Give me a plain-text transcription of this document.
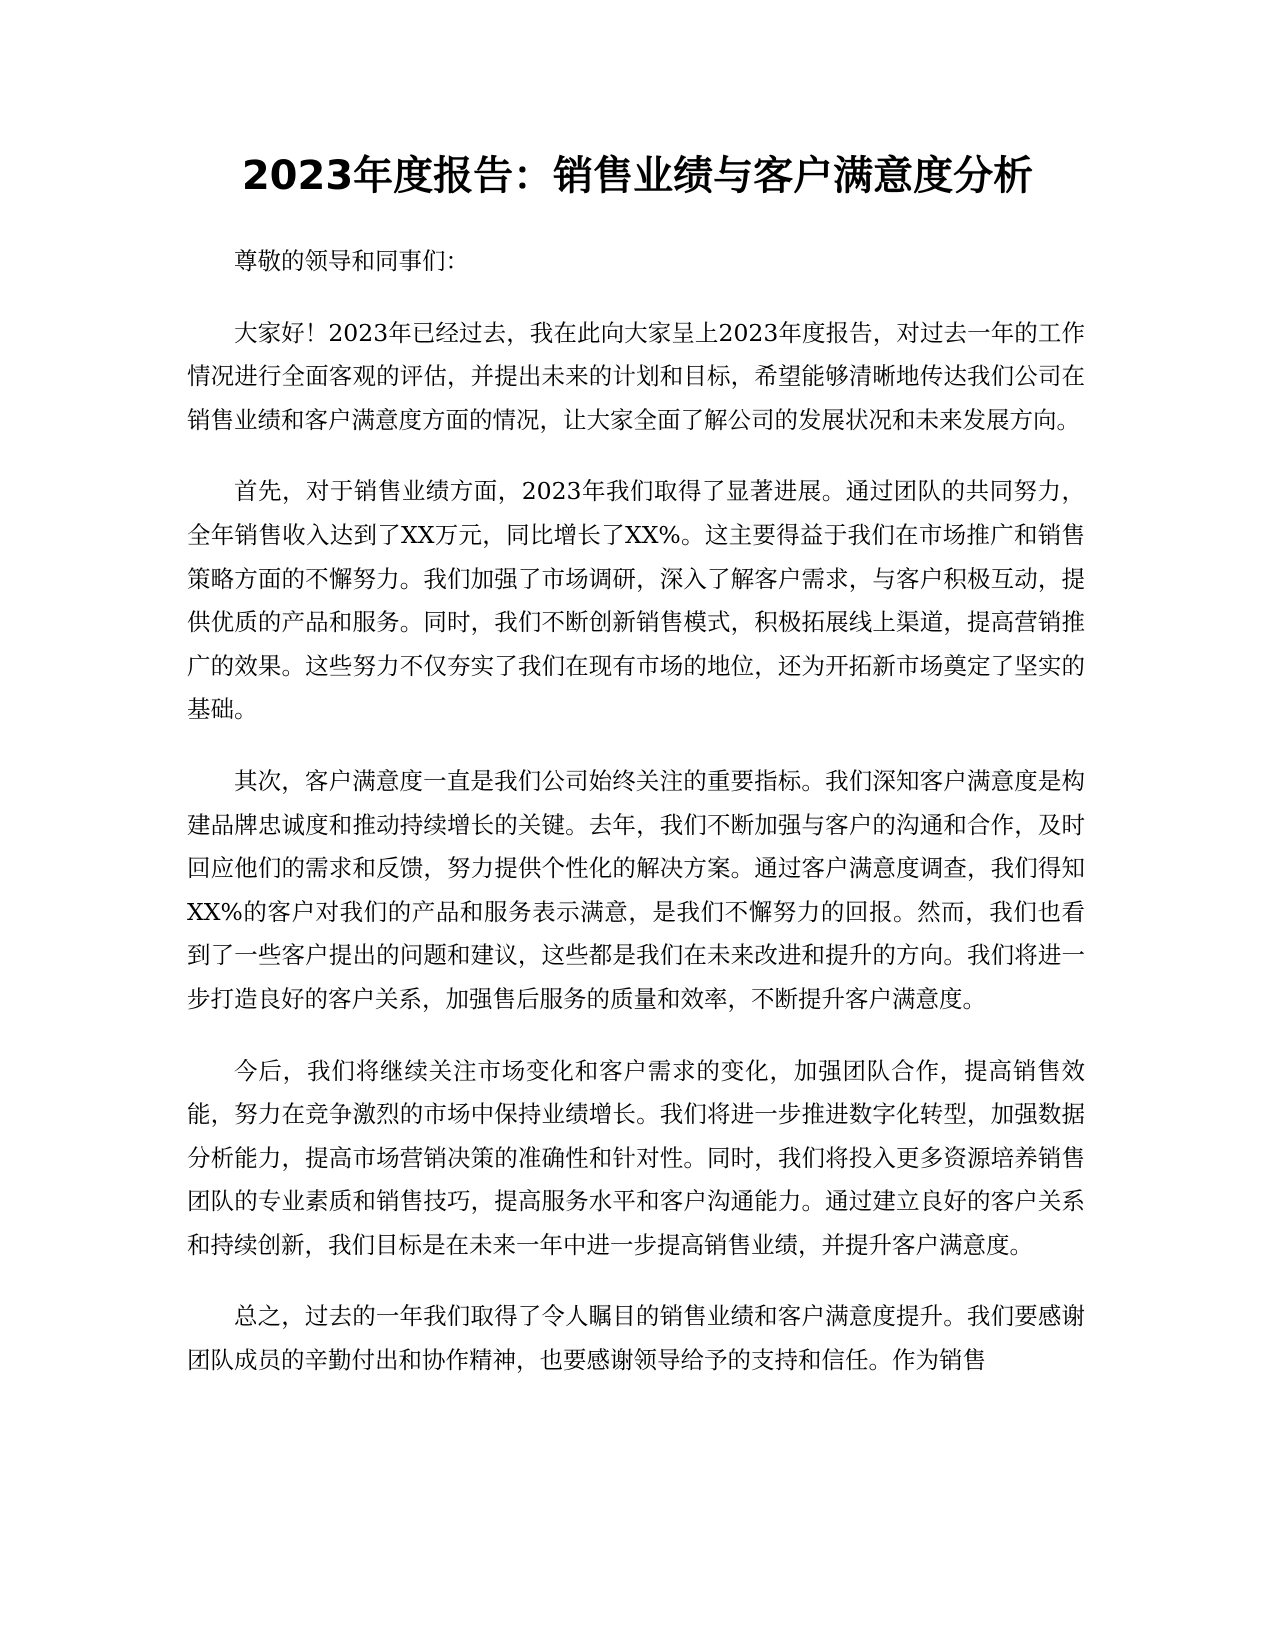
2023年度报告：销售业绩与客户满意度分析

尊敬的领导和同事们：

大家好！2023年已经过去，我在此向大家呈上2023年度报告，对过去一年的工作情况进行全面客观的评估，并提出未来的计划和目标，希望能够清晰地传达我们公司在销售业绩和客户满意度方面的情况，让大家全面了解公司的发展状况和未来发展方向。

首先，对于销售业绩方面，2023年我们取得了显著进展。通过团队的共同努力，全年销售收入达到了XX万元，同比增长了XX%。这主要得益于我们在市场推广和销售策略方面的不懈努力。我们加强了市场调研，深入了解客户需求，与客户积极互动，提供优质的产品和服务。同时，我们不断创新销售模式，积极拓展线上渠道，提高营销推广的效果。这些努力不仅夯实了我们在现有市场的地位，还为开拓新市场奠定了坚实的基础。

其次，客户满意度一直是我们公司始终关注的重要指标。我们深知客户满意度是构建品牌忠诚度和推动持续增长的关键。去年，我们不断加强与客户的沟通和合作，及时回应他们的需求和反馈，努力提供个性化的解决方案。通过客户满意度调查，我们得知XX%的客户对我们的产品和服务表示满意，是我们不懈努力的回报。然而，我们也看到了一些客户提出的问题和建议，这些都是我们在未来改进和提升的方向。我们将进一步打造良好的客户关系，加强售后服务的质量和效率，不断提升客户满意度。

今后，我们将继续关注市场变化和客户需求的变化，加强团队合作，提高销售效能，努力在竞争激烈的市场中保持业绩增长。我们将进一步推进数字化转型，加强数据分析能力，提高市场营销决策的准确性和针对性。同时，我们将投入更多资源培养销售团队的专业素质和销售技巧，提高服务水平和客户沟通能力。通过建立良好的客户关系和持续创新，我们目标是在未来一年中进一步提高销售业绩，并提升客户满意度。

总之，过去的一年我们取得了令人瞩目的销售业绩和客户满意度提升。我们要感谢团队成员的辛勤付出和协作精神，也要感谢领导给予的支持和信任。作为销售
